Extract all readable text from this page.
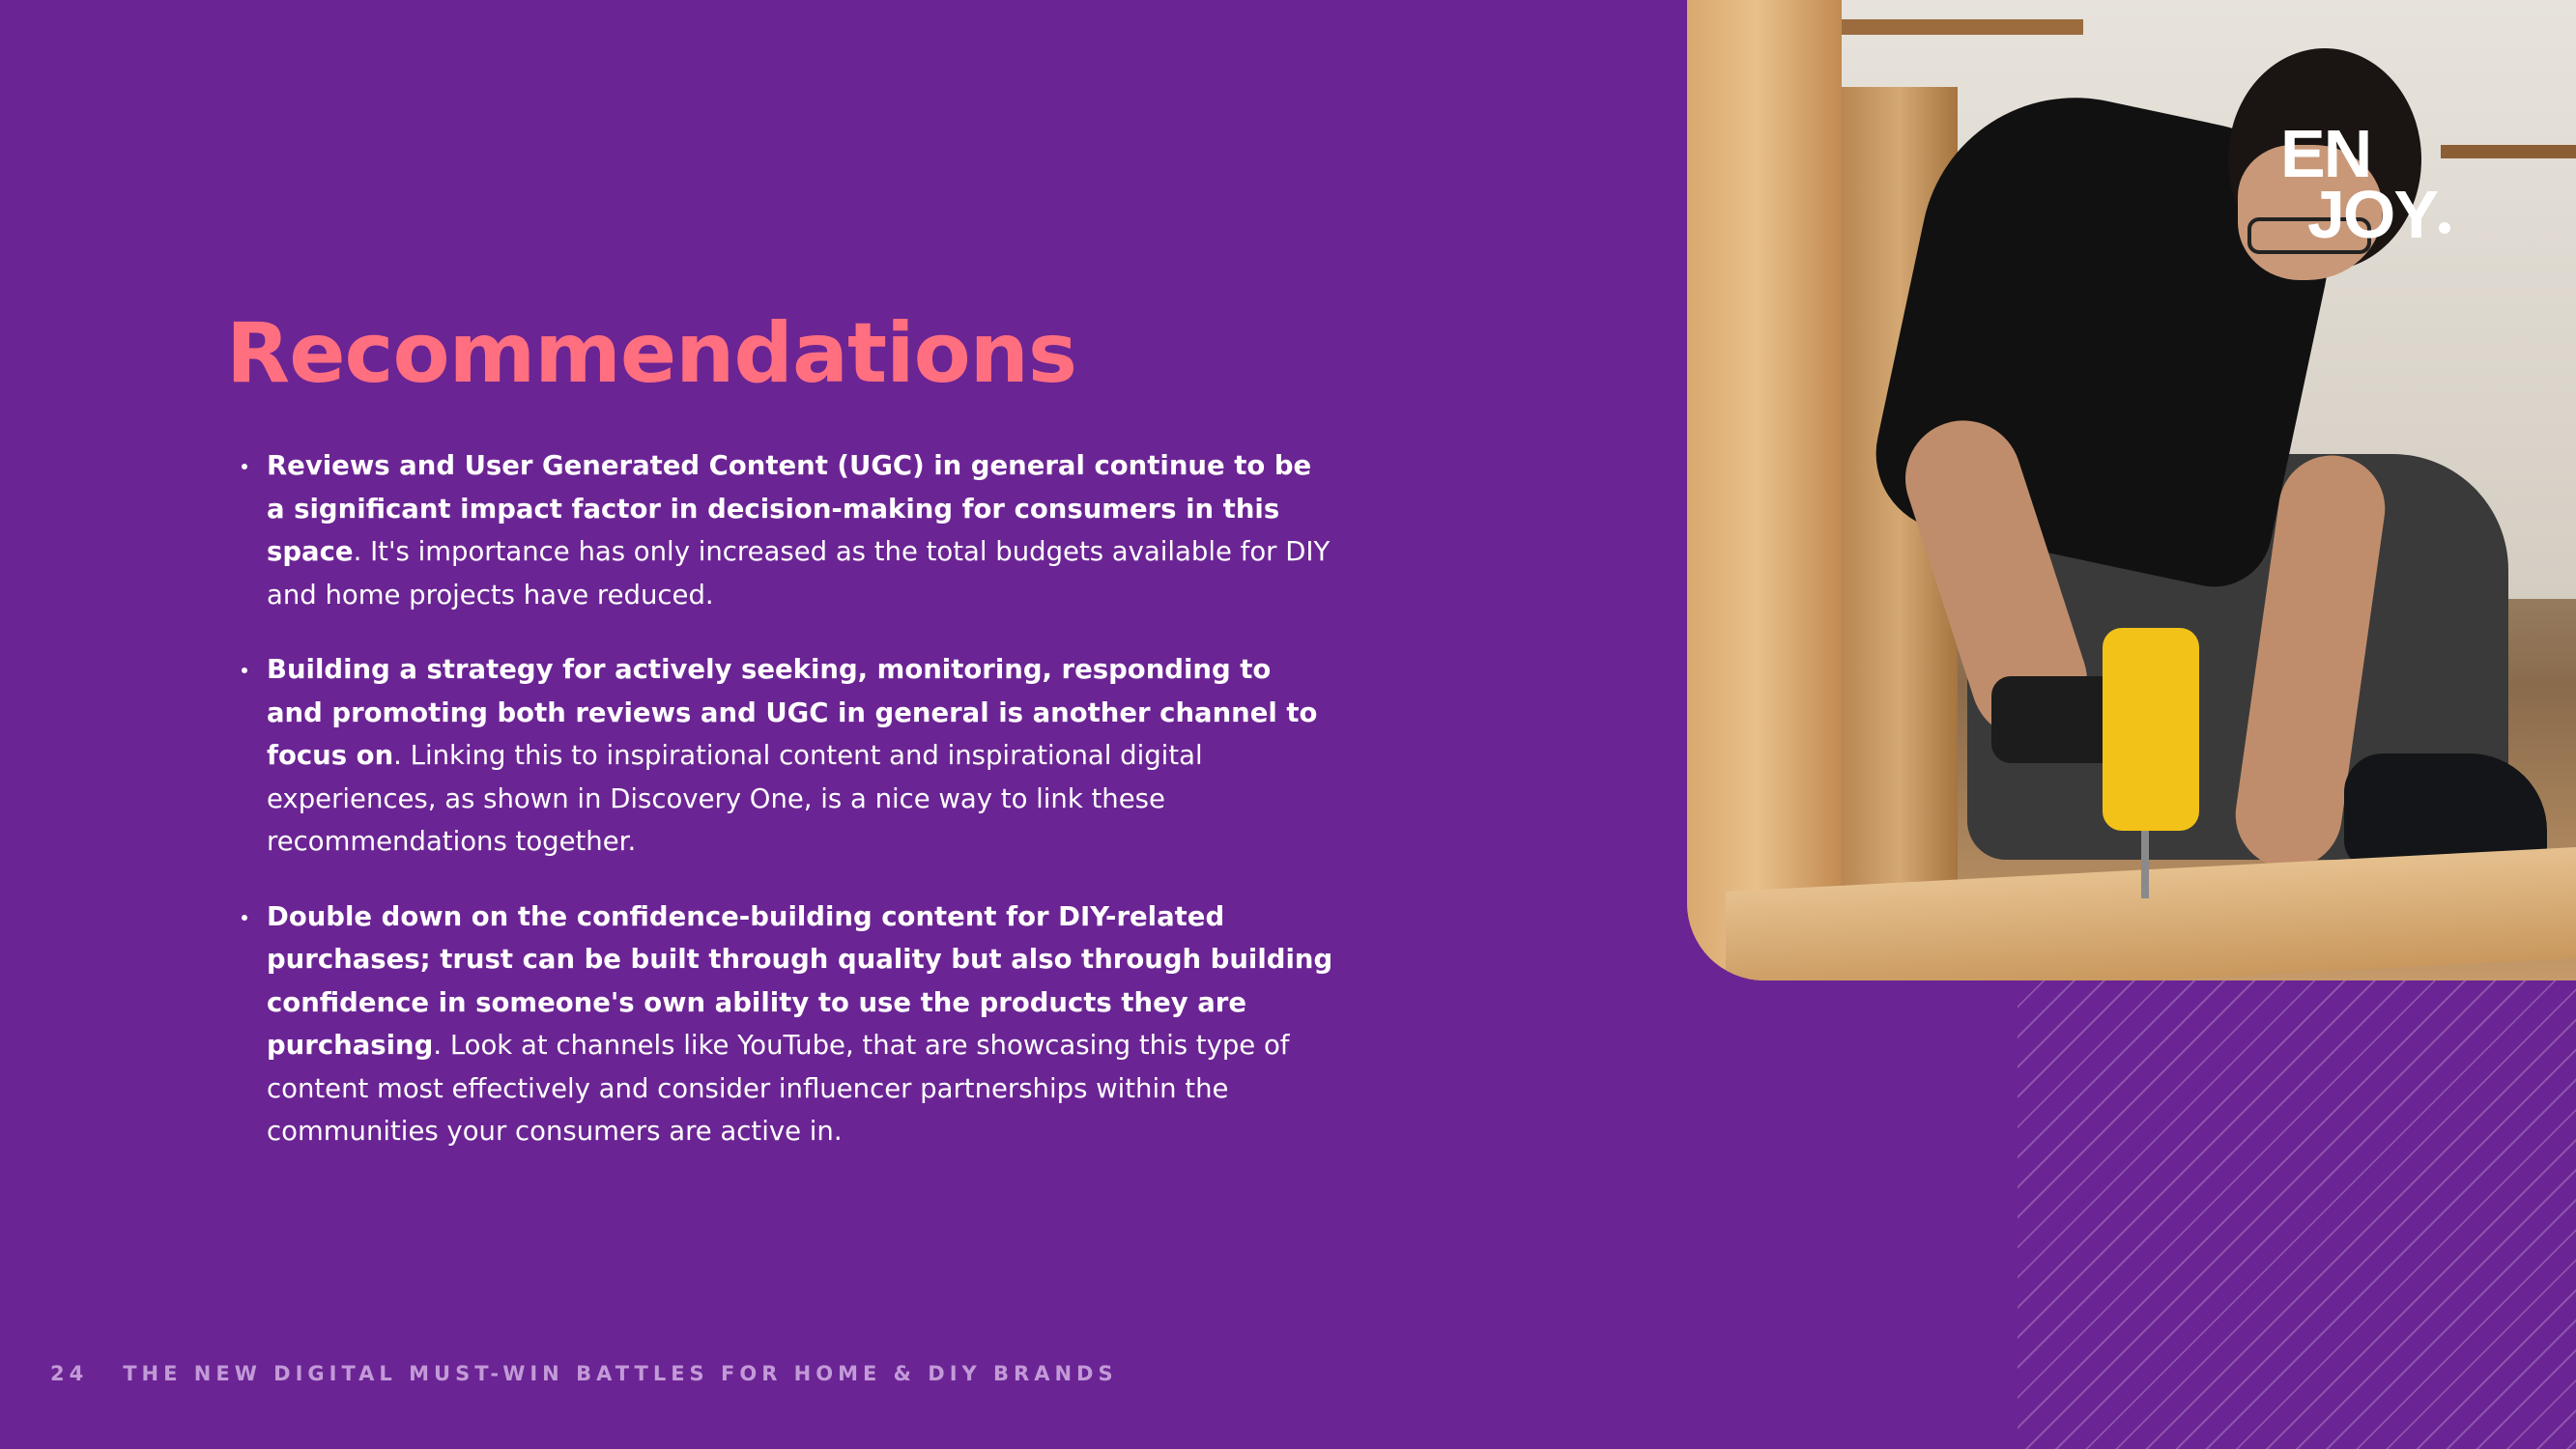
EN
JOY
Recommendations
Reviews and User Generated Content (UGC) in general continue to be a significant impact factor in decision-making for consumers in this space. It's importance has only increased as the total budgets available for DIY and home projects have reduced.
Building a strategy for actively seeking, monitoring, responding to and promoting both reviews and UGC in general is another channel to focus on. Linking this to inspirational content and inspirational digital experiences, as shown in Discovery One, is a nice way to link these recommendations together.
Double down on the confidence-building content for DIY-related purchases; trust can be built through quality but also through building confidence in someone's own ability to use the products they are purchasing. Look at channels like YouTube, that are showcasing this type of content most effectively and consider influencer partnerships within the communities your consumers are active in.
24 THE NEW DIGITAL MUST-WIN BATTLES FOR HOME & DIY BRANDS
